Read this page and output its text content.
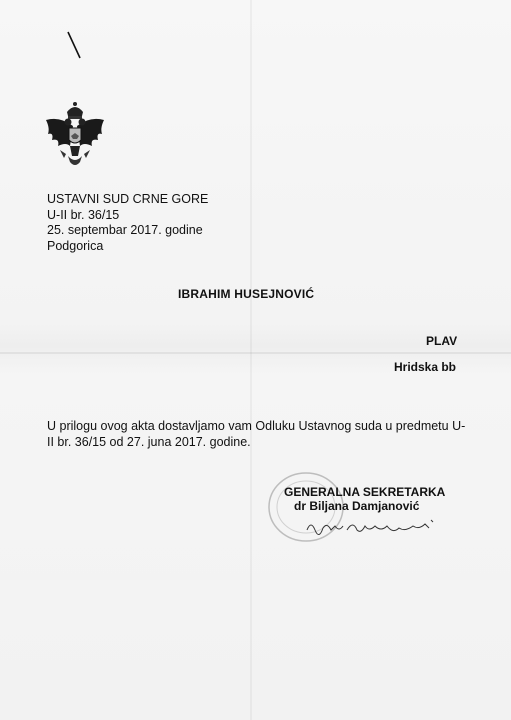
USTAVNI SUD CRNE GORE
U-II br. 36/15
25. septembar 2017. godine
Podgorica
IBRAHIM HUSEJNOVIĆ
PLAV
Hridska bb
U prilogu ovog akta dostavljamo vam Odluku Ustavnog suda u predmetu U-II br. 36/15 od 27. juna 2017. godine.
GENERALNA SEKRETARKA
dr Biljana Damjanović
